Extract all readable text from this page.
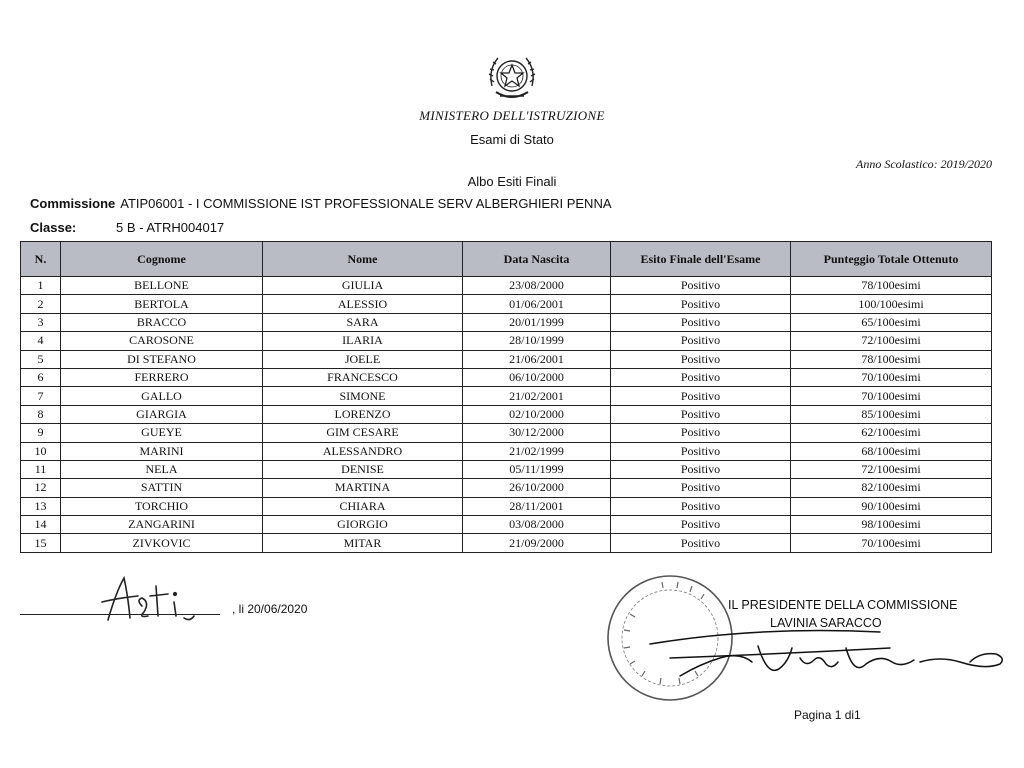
MINISTERO DELL'ISTRUZIONE
Esami di Stato
Anno Scolastico: 2019/2020
Albo Esiti Finali
Commissione ATIP06001 - I COMMISSIONE IST PROFESSIONALE SERV ALBERGHIERI PENNA
Classe:	5 B - ATRH004017
N.	Cognome	Nome	Data Nascita	Esito Finale dell'Esame	Punteggio Totale Ottenuto
1	BELLONE	GIULIA	23/08/2000	Positivo	78/100esimi
2	BERTOLA	ALESSIO	01/06/2001	Positivo	100/100esimi
3	BRACCO	SARA	20/01/1999	Positivo	65/100esimi
4	CAROSONE	ILARIA	28/10/1999	Positivo	72/100esimi
5	DI STEFANO	JOELE	21/06/2001	Positivo	78/100esimi
6	FERRERO	FRANCESCO	06/10/2000	Positivo	70/100esimi
7	GALLO	SIMONE	21/02/2001	Positivo	70/100esimi
8	GIARGIA	LORENZO	02/10/2000	Positivo	85/100esimi
9	GUEYE	GIM CESARE	30/12/2000	Positivo	62/100esimi
10	MARINI	ALESSANDRO	21/02/1999	Positivo	68/100esimi
11	NELA	DENISE	05/11/1999	Positivo	72/100esimi
12	SATTIN	MARTINA	26/10/2000	Positivo	82/100esimi
13	TORCHIO	CHIARA	28/11/2001	Positivo	90/100esimi
14	ZANGARINI	GIORGIO	03/08/2000	Positivo	98/100esimi
15	ZIVKOVIC	MITAR	21/09/2000	Positivo	70/100esimi
, li 20/06/2020	IL PRESIDENTE DELLA COMMISSIONE
LAVINIA SARACCO
Pagina 1 di1
